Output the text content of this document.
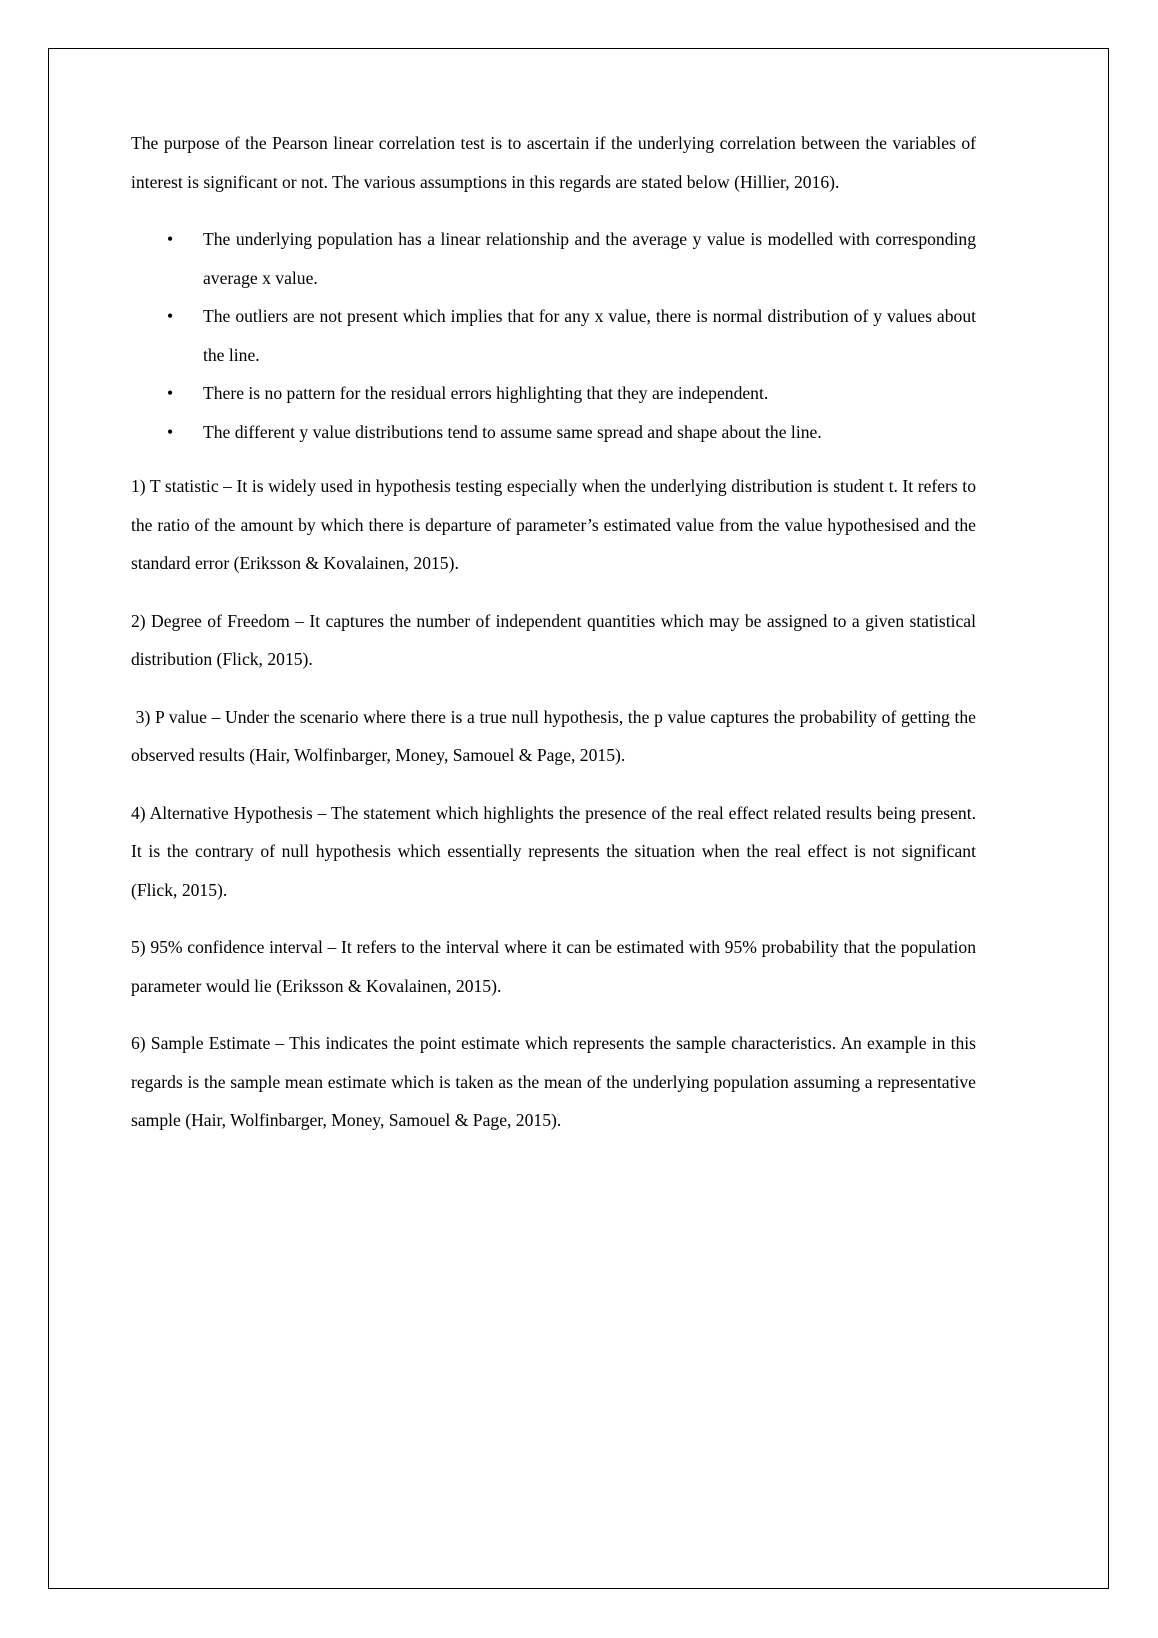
The purpose of the Pearson linear correlation test is to ascertain if the underlying correlation between the variables of interest is significant or not. The various assumptions in this regards are stated below (Hillier, 2016).

• The underlying population has a linear relationship and the average y value is modelled with corresponding average x value.
• The outliers are not present which implies that for any x value, there is normal distribution of y values about the line.
• There is no pattern for the residual errors highlighting that they are independent.
• The different y value distributions tend to assume same spread and shape about the line.

1) T statistic – It is widely used in hypothesis testing especially when the underlying distribution is student t. It refers to the ratio of the amount by which there is departure of parameter’s estimated value from the value hypothesised and the standard error (Eriksson & Kovalainen, 2015).

2) Degree of Freedom – It captures the number of independent quantities which may be assigned to a given statistical distribution (Flick, 2015).

3) P value – Under the scenario where there is a true null hypothesis, the p value captures the probability of getting the observed results (Hair, Wolfinbarger, Money, Samouel & Page, 2015).

4) Alternative Hypothesis – The statement which highlights the presence of the real effect related results being present. It is the contrary of null hypothesis which essentially represents the situation when the real effect is not significant (Flick, 2015).

5) 95% confidence interval – It refers to the interval where it can be estimated with 95% probability that the population parameter would lie (Eriksson & Kovalainen, 2015).

6) Sample Estimate – This indicates the point estimate which represents the sample characteristics. An example in this regards is the sample mean estimate which is taken as the mean of the underlying population assuming a representative sample (Hair, Wolfinbarger, Money, Samouel & Page, 2015).
